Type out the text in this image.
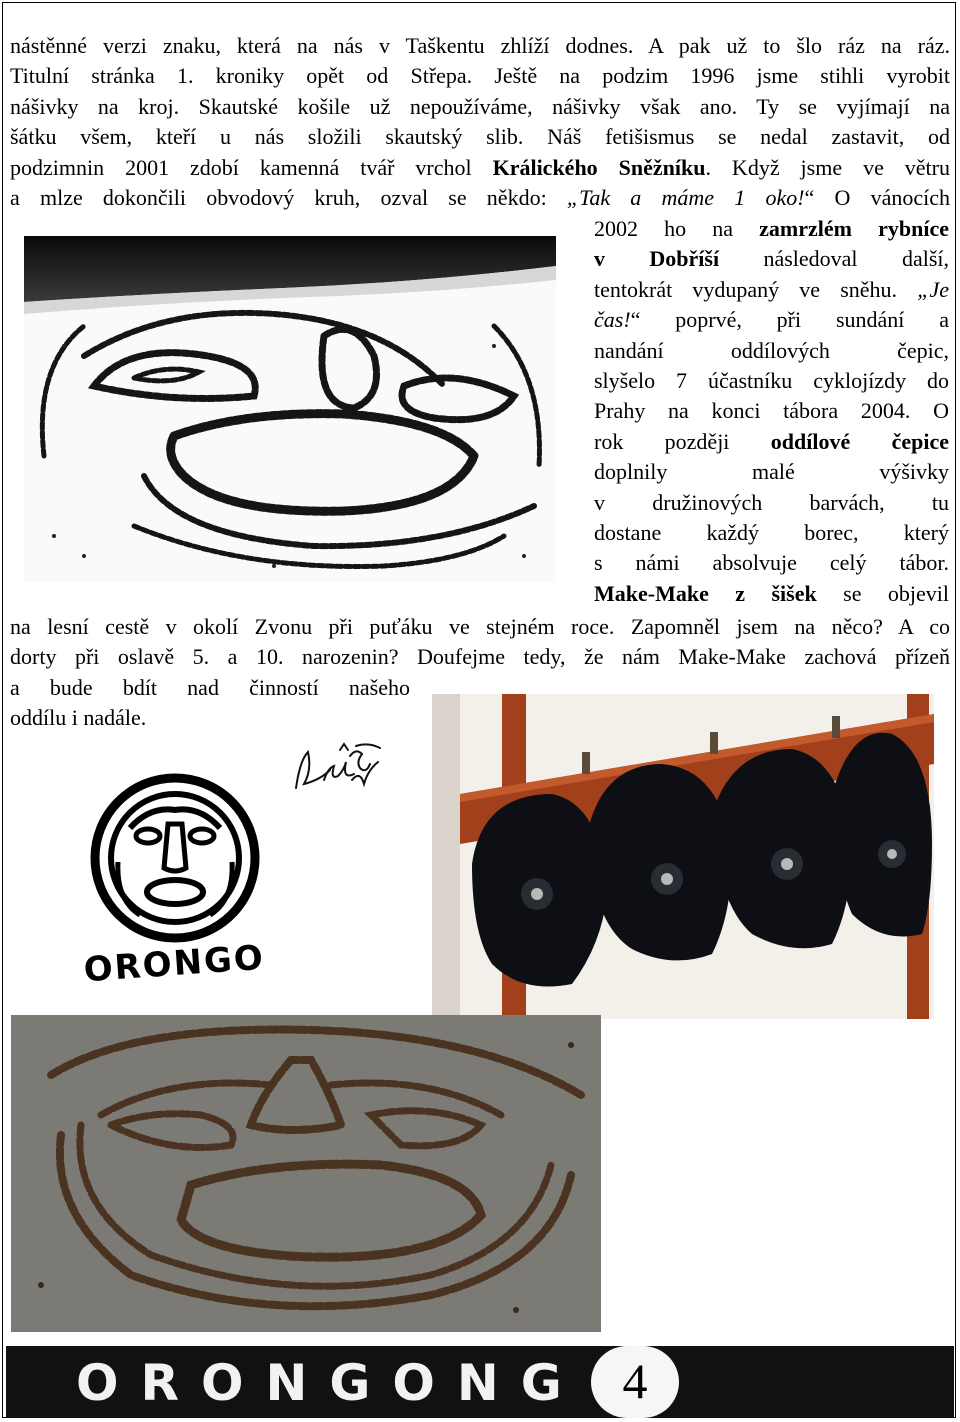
nástěnné verzi znaku, která na nás v Taškentu zhlíží dodnes. A pak už to šlo ráz na ráz.

Titulní stránka 1. kroniky opět od Střepa. Ještě na podzim 1996 jsme stihli vyrobit

nášivky na kroj. Skautské košile už nepoužíváme, nášivky však ano. Ty se vyjímají na

šátku všem, kteří u nás složili skautský slib. Náš fetišismus se nedal zastavit, od

podzimnin 2001 zdobí kamenná tvář vrchol Králického Sněžníku. Když jsme ve větru

a mlze dokončili obvodový kruh, ozval se někdo: „Tak a máme 1 oko!“ O vánocích

2002 ho na zamrzlém rybníce

v Dobříší následoval další,

tentokrát vydupaný ve sněhu. „Je

čas!“ poprvé, při sundání a

nandání oddílových čepic,

slyšelo 7 účastníku cyklojízdy do

Prahy na konci tábora 2004. O

rok později oddílové čepice

doplnily malé výšivky

v družinových barvách, tu

dostane každý borec, který

s námi absolvuje celý tábor.

Make-Make z šišek se objevil

na lesní cestě v okolí Zvonu při puťáku ve stejném roce. Zapomněl jsem na něco? A co

dorty při oslavě 5. a 10. narozenin? Doufejme tedy, že nám Make-Make zachová přízeň

a bude bdít nad činností našeho

oddílu i nadále.

ORONGO
ORONGONG 4
